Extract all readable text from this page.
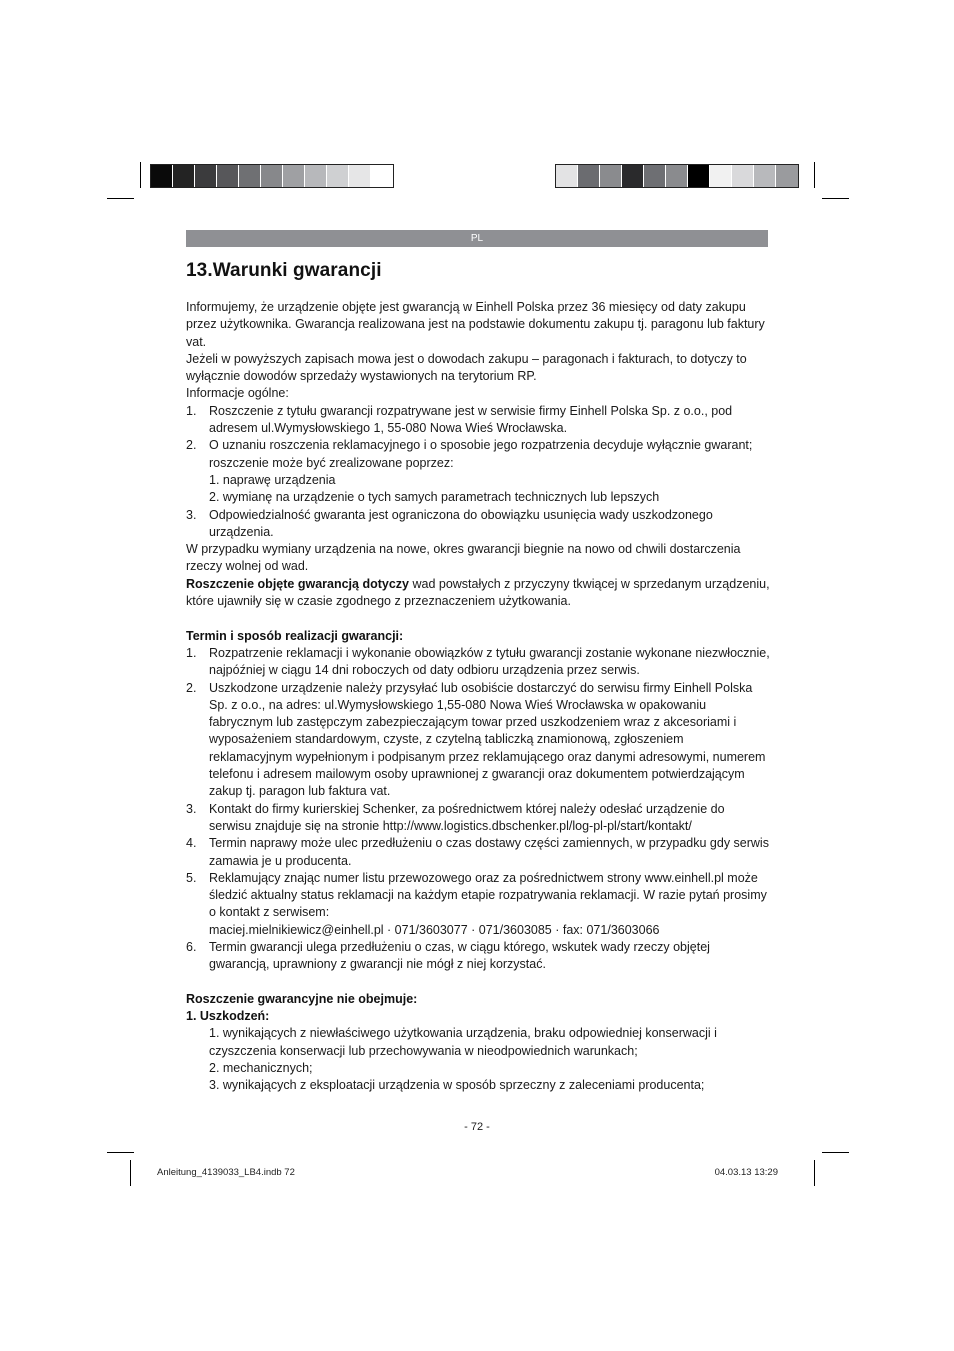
PL
13.Warunki gwarancji

Informujemy, że urządzenie objęte jest gwarancją w Einhell Polska przez 36 miesięcy od daty zakupu przez użytkownika. Gwarancja realizowana jest na podstawie dokumentu zakupu tj. paragonu lub faktury vat.

Jeżeli w powyższych zapisach mowa jest o dowodach zakupu – paragonach i fakturach, to dotyczy to wyłącznie dowodów sprzedaży wystawionych na terytorium RP.

Informacje ogólne:

1. Roszczenie z tytułu gwarancji rozpatrywane jest w serwisie firmy Einhell Polska Sp. z o.o., pod adresem ul.Wymysłowskiego 1, 55-080 Nowa Wieś Wrocławska.

2. O uznaniu roszczenia reklamacyjnego i o sposobie jego rozpatrzenia decyduje wyłącznie gwarant; roszczenie może być zrealizowane poprzez:

1. naprawę urządzenia

2. wymianę na urządzenie o tych samych parametrach technicznych lub lepszych

3. Odpowiedzialność gwaranta jest ograniczona do obowiązku usunięcia wady uszkodzonego urządzenia.

W przypadku wymiany urządzenia na nowe, okres gwarancji biegnie na nowo od chwili dostarczenia rzeczy wolnej od wad.

Roszczenie objęte gwarancją dotyczy wad powstałych z przyczyny tkwiącej w sprzedanym urządzeniu, które ujawniły się w czasie zgodnego z przeznaczeniem użytkowania.

Termin i sposób realizacji gwarancji:

1. Rozpatrzenie reklamacji i wykonanie obowiązków z tytułu gwarancji zostanie wykonane niezwłocznie, najpóźniej w ciągu 14 dni roboczych od daty odbioru urządzenia przez serwis.

2. Uszkodzone urządzenie należy przysyłać lub osobiście dostarczyć do serwisu firmy Einhell Polska Sp. z o.o., na adres: ul.Wymysłowskiego 1,55-080 Nowa Wieś Wrocławska w opakowaniu fabrycznym lub zastępczym zabezpieczającym towar przed uszkodzeniem wraz z akcesoriami i wyposażeniem standardowym, czyste, z czytelną tabliczką znamionową, zgłoszeniem reklamacyjnym wypełnionym i podpisanym przez reklamującego oraz danymi adresowymi, numerem telefonu i adresem mailowym osoby uprawnionej z gwarancji oraz dokumentem potwierdzającym zakup tj. paragon lub faktura vat.

3. Kontakt do firmy kurierskiej Schenker, za pośrednictwem której należy odesłać urządzenie do serwisu znajduje się na stronie http://www.logistics.dbschenker.pl/log-pl-pl/start/kontakt/

4. Termin naprawy może ulec przedłużeniu o czas dostawy części zamiennych, w przypadku gdy serwis zamawia je u producenta.

5. Reklamujący znając numer listu przewozowego oraz za pośrednictwem strony www.einhell.pl może śledzić aktualny status reklamacji na każdym etapie rozpatrywania reklamacji. W razie pytań prosimy o kontakt z serwisem:

maciej.mielnikiewicz@einhell.pl · 071/3603077 · 071/3603085 · fax: 071/3603066

6. Termin gwarancji ulega przedłużeniu o czas, w ciągu którego, wskutek wady rzeczy objętej gwarancją, uprawniony z gwarancji nie mógł z niej korzystać.

Roszczenie gwarancyjne nie obejmuje:

1. Uszkodzeń:

1. wynikających z niewłaściwego użytkowania urządzenia, braku odpowiedniej konserwacji i czyszczenia konserwacji lub przechowywania w nieodpowiednich warunkach;

2. mechanicznych;

3. wynikających z eksploatacji urządzenia w sposób sprzeczny z zaleceniami producenta;

- 72 -
Anleitung_4139033_LB4.indb 72	04.03.13 13:29
